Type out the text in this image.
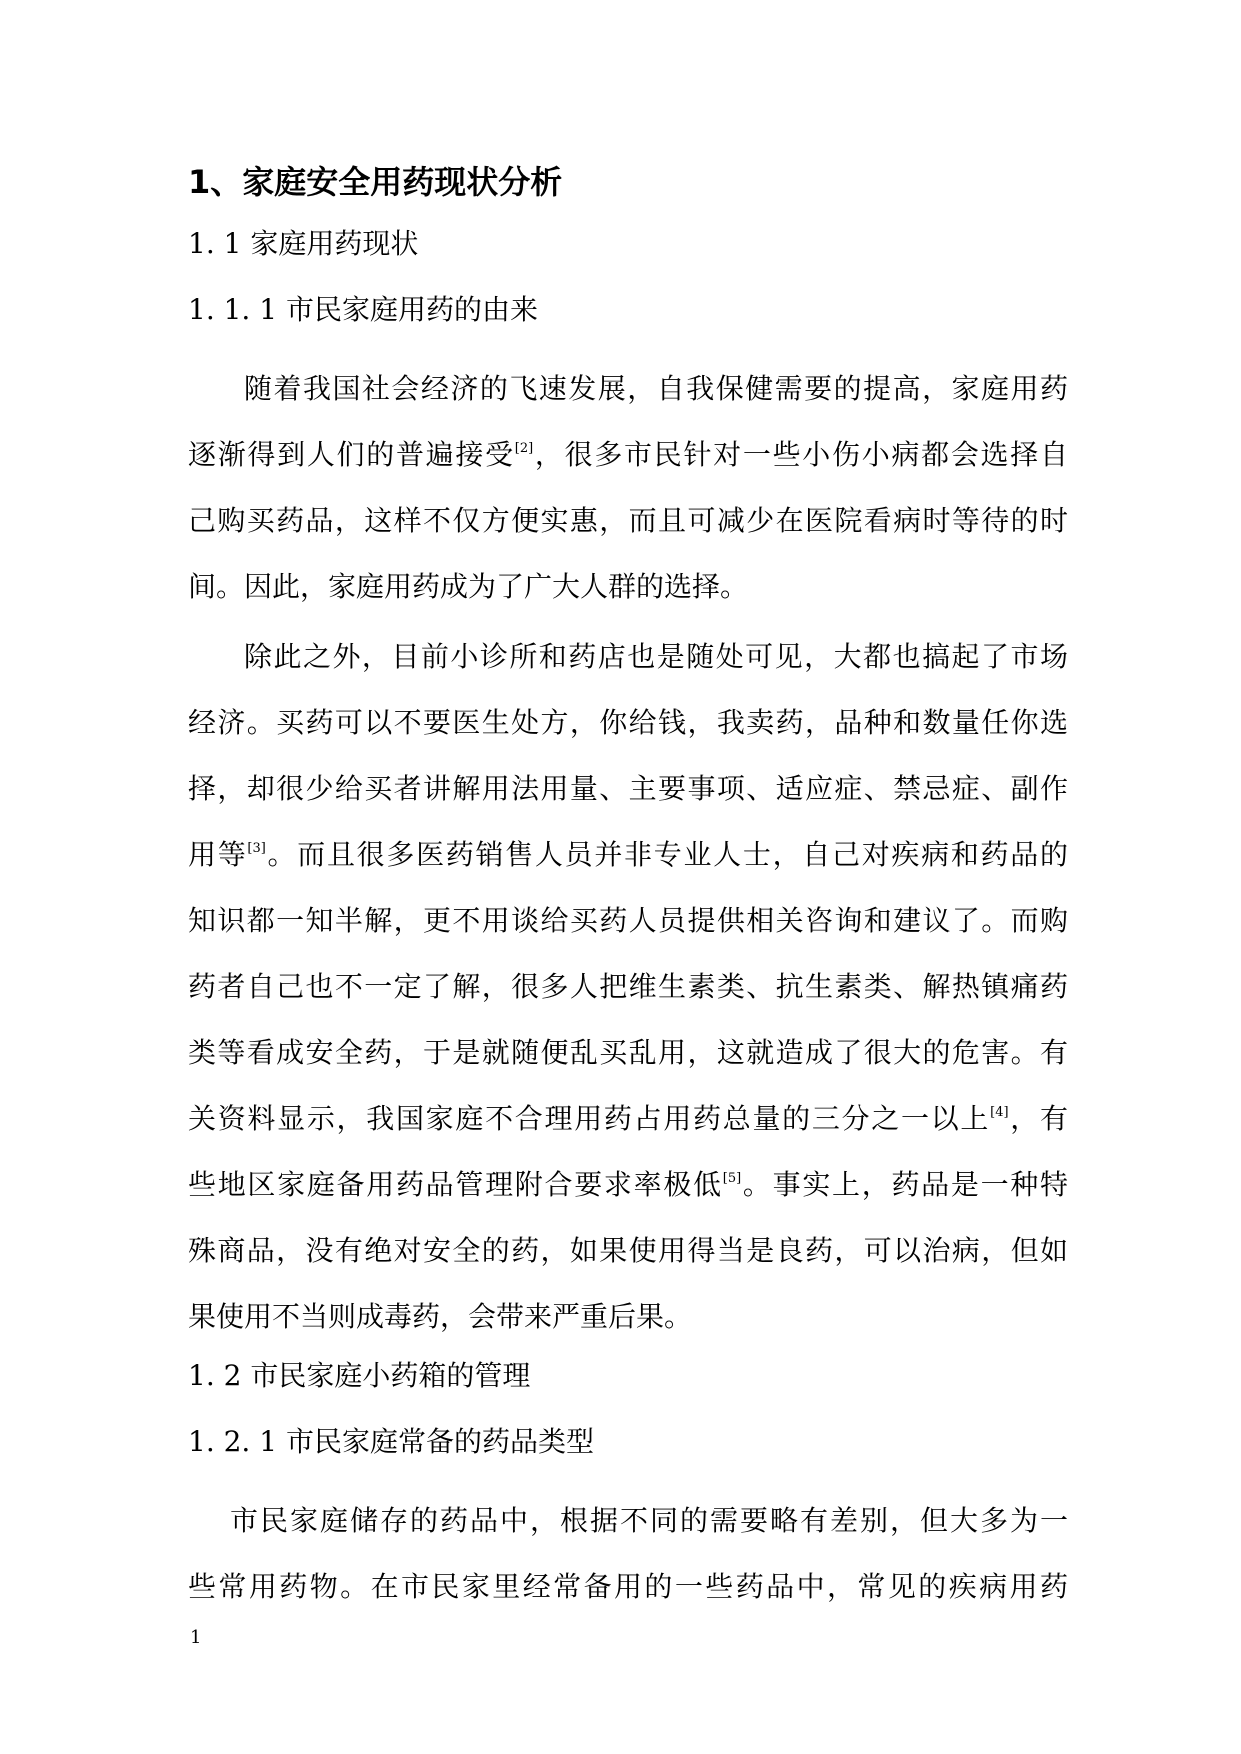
1、家庭安全用药现状分析
1. 1 家庭用药现状
1. 1. 1 市民家庭用药的由来
随着我国社会经济的飞速发展，自我保健需要的提高，家庭用药
逐渐得到人们的普遍接受[2]，很多市民针对一些小伤小病都会选择自
己购买药品，这样不仅方便实惠，而且可减少在医院看病时等待的时
间。因此，家庭用药成为了广大人群的选择。
除此之外，目前小诊所和药店也是随处可见，大都也搞起了市场
经济。买药可以不要医生处方，你给钱，我卖药，品种和数量任你选
择，却很少给买者讲解用法用量、主要事项、适应症、禁忌症、副作
用等[3]。而且很多医药销售人员并非专业人士，自己对疾病和药品的
知识都一知半解，更不用谈给买药人员提供相关咨询和建议了。而购
药者自己也不一定了解，很多人把维生素类、抗生素类、解热镇痛药
类等看成安全药，于是就随便乱买乱用，这就造成了很大的危害。有
关资料显示，我国家庭不合理用药占用药总量的三分之一以上[4]，有
些地区家庭备用药品管理附合要求率极低[5]。事实上，药品是一种特
殊商品，没有绝对安全的药，如果使用得当是良药，可以治病，但如
果使用不当则成毒药，会带来严重后果。
1. 2 市民家庭小药箱的管理
1. 2. 1 市民家庭常备的药品类型
市民家庭储存的药品中，根据不同的需要略有差别，但大多为一
些常用药物。在市民家里经常备用的一些药品中，常见的疾病用药
1
